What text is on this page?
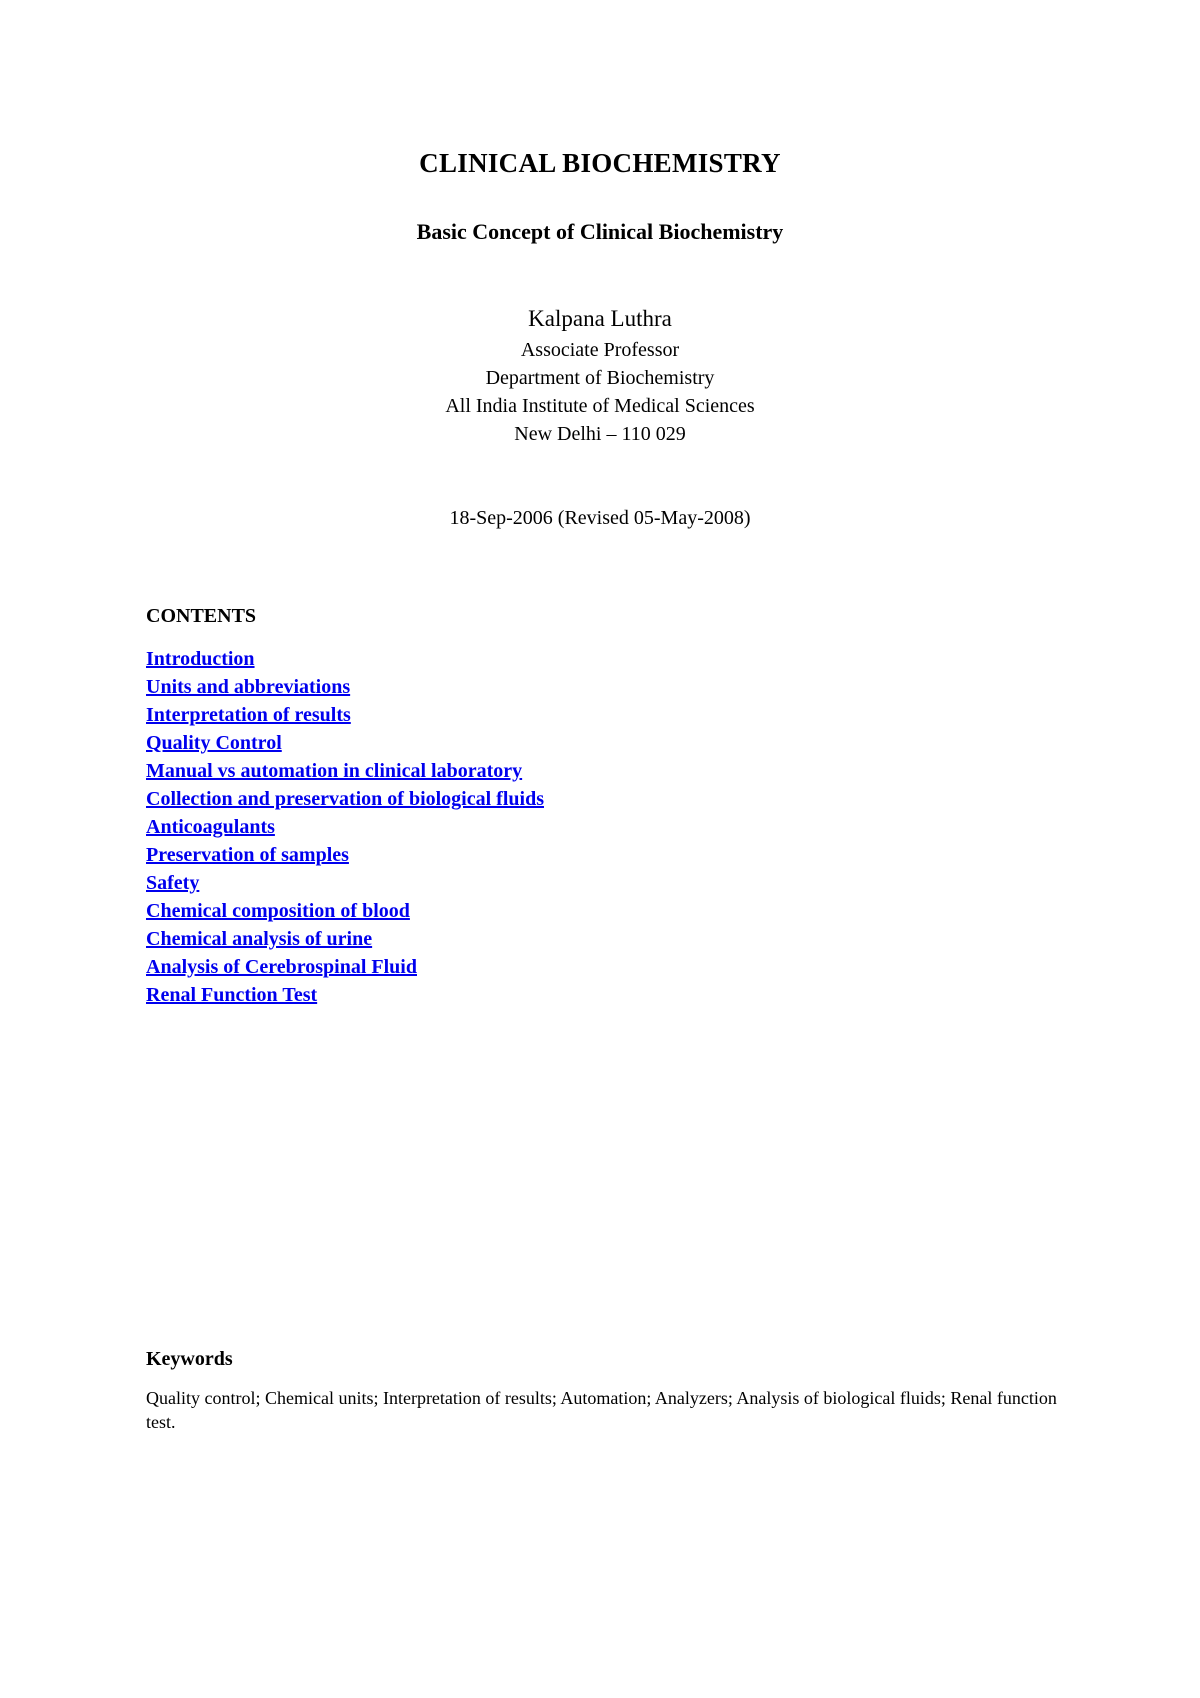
CLINICAL BIOCHEMISTRY
Basic Concept of Clinical Biochemistry
Kalpana Luthra
Associate Professor
Department of Biochemistry
All India Institute of Medical Sciences
New Delhi – 110 029
18-Sep-2006 (Revised 05-May-2008)
CONTENTS
Introduction
Units and abbreviations
Interpretation of results
Quality Control
Manual vs automation in clinical laboratory
Collection and preservation of biological fluids
Anticoagulants
Preservation of samples
Safety
Chemical composition of blood
Chemical analysis of urine
Analysis of Cerebrospinal Fluid
Renal Function Test
Keywords
Quality control; Chemical units; Interpretation of results; Automation; Analyzers; Analysis of biological fluids; Renal function test.
